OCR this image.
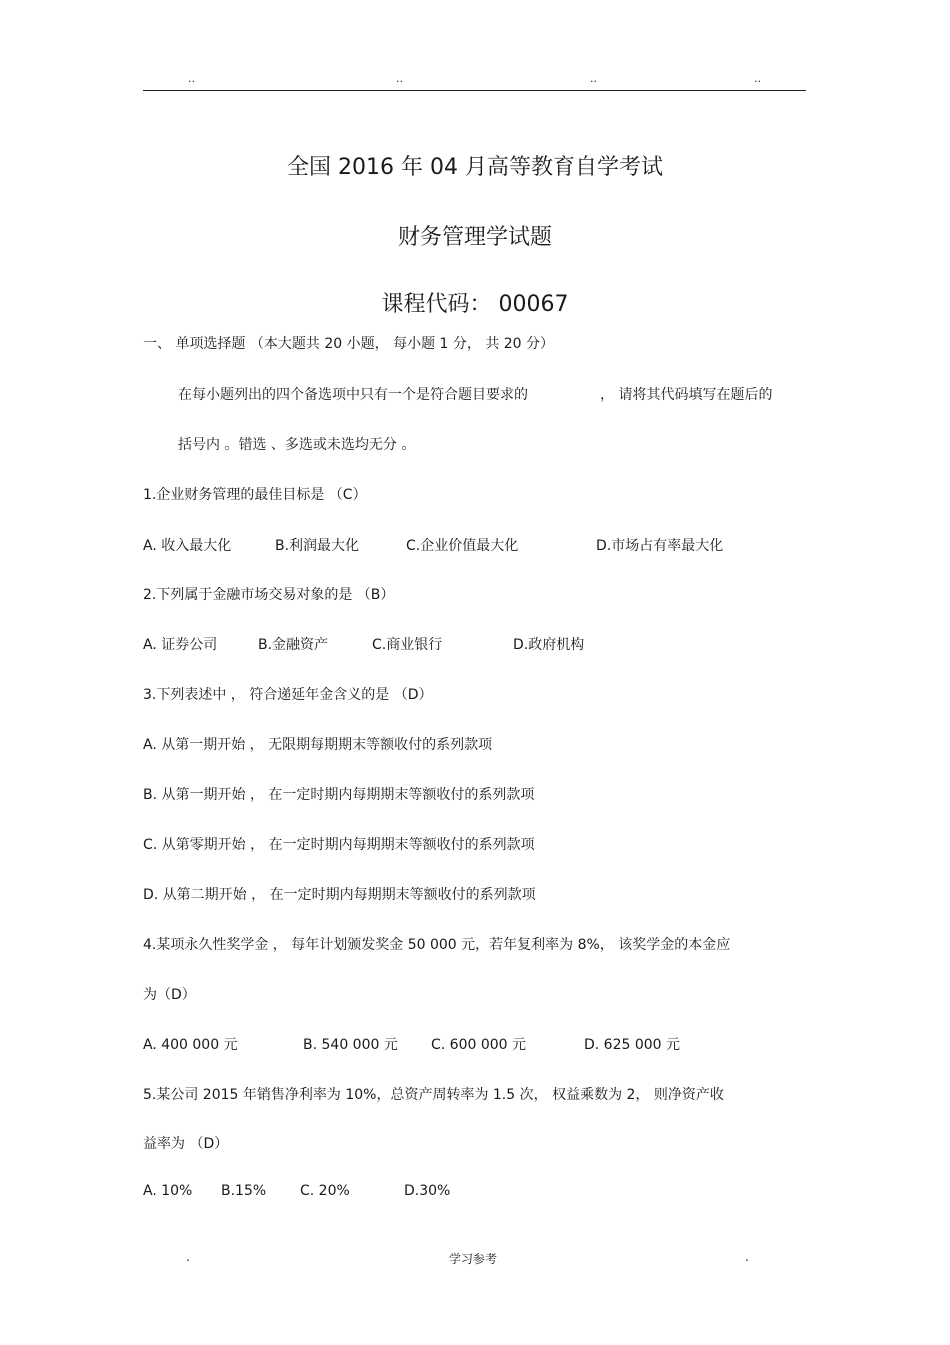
..	..	..	..
全国 2016 年 04 月高等教育自学考试
财务管理学试题
课程代码： 00067
一、 单项选择题 （本大题共 20 小题， 每小题 1 分， 共 20 分）
在每小题列出的四个备选项中只有一个是符合题目要求的	， 请将其代码填写在题后的
括号内 。错选 、多选或未选均无分 。
1.企业财务管理的最佳目标是 （C）
A. 收入最大化	B.利润最大化	C.企业价值最大化	D.市场占有率最大化
2.下列属于金融市场交易对象的是 （B）
A. 证券公司	B.金融资产	C.商业银行	D.政府机构
3.下列表述中 ， 符合递延年金含义的是 （D）
A. 从第一期开始 ， 无限期每期期末等额收付的系列款项
B. 从第一期开始 ， 在一定时期内每期期末等额收付的系列款项
C. 从第零期开始 ， 在一定时期内每期期末等额收付的系列款项
D. 从第二期开始 ， 在一定时期内每期期末等额收付的系列款项
4.某项永久性奖学金 ， 每年计划颁发奖金 50 000 元，若年复利率为 8%， 该奖学金的本金应
为（D）
A. 400 000 元	B. 540 000 元 C. 600 000 元	D. 625 000 元
5.某公司 2015 年销售净利率为 10%，总资产周转率为 1.5 次， 权益乘数为 2， 则净资产收
益率为 （D）
A. 10% B.15% C. 20%	D.30%
.	学习参考	.
